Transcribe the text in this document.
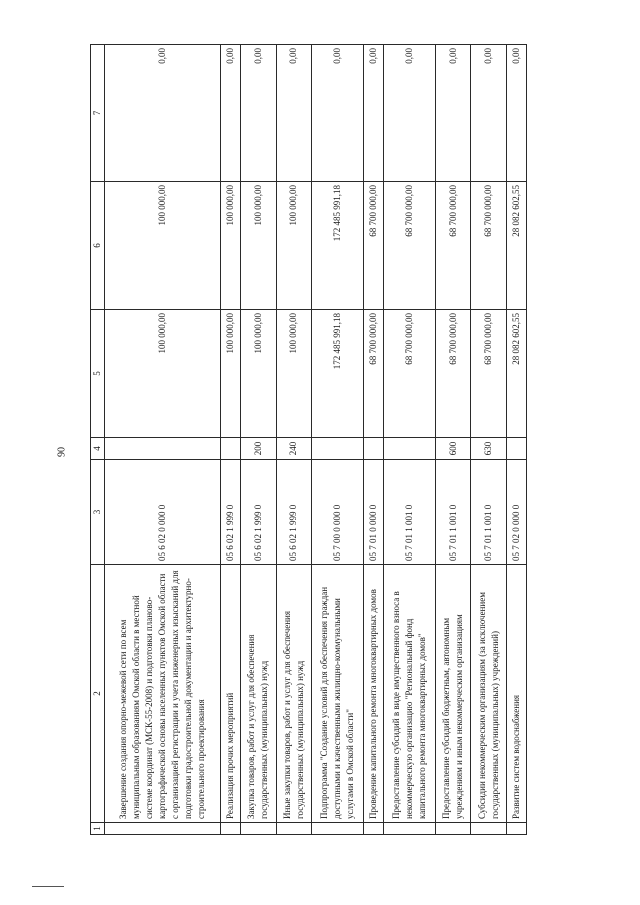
90
1	2	3	4	5	6	7
	Завершение создания опорно-межевой сети по всем муниципальным образованиям Омской области в местной системе координат (МСК-55-2008) и подготовки планово-картографической основы населенных пунктов Омской области с организацией регистрации и учета инженерных изысканий для подготовки градостроительной документации и архитектурно-строительного проектирования	05 6 02 0 000 0		100 000,00	100 000,00	0,00
	Реализация прочих мероприятий	05 6 02 1 999 0		100 000,00	100 000,00	0,00
	Закупка товаров, работ и услуг для обеспечения государственных (муниципальных) нужд	05 6 02 1 999 0	200	100 000,00	100 000,00	0,00
	Иные закупки товаров, работ и услуг для обеспечения государственных (муниципальных) нужд	05 6 02 1 999 0	240	100 000,00	100 000,00	0,00
	Подпрограмма "Создание условий для обеспечения граждан доступными и качественными жилищно-коммунальными услугами в Омской области"	05 7 00 0 000 0		172 485 991,18	172 485 991,18	0,00
	Проведение капитального ремонта многоквартирных домов	05 7 01 0 000 0		68 700 000,00	68 700 000,00	0,00
	Предоставление субсидий в виде имущественного взноса в некоммерческую организацию "Региональный фонд капитального ремонта многоквартирных домов"	05 7 01 1 001 0		68 700 000,00	68 700 000,00	0,00
	Предоставление субсидий бюджетным, автономным учреждениям и иным некоммерческим организациям	05 7 01 1 001 0	600	68 700 000,00	68 700 000,00	0,00
	Субсидии некоммерческим организациям (за исключением государственных (муниципальных) учреждений)	05 7 01 1 001 0	630	68 700 000,00	68 700 000,00	0,00
	Развитие систем водоснабжения	05 7 02 0 000 0		28 082 602,55	28 082 602,55	0,00
